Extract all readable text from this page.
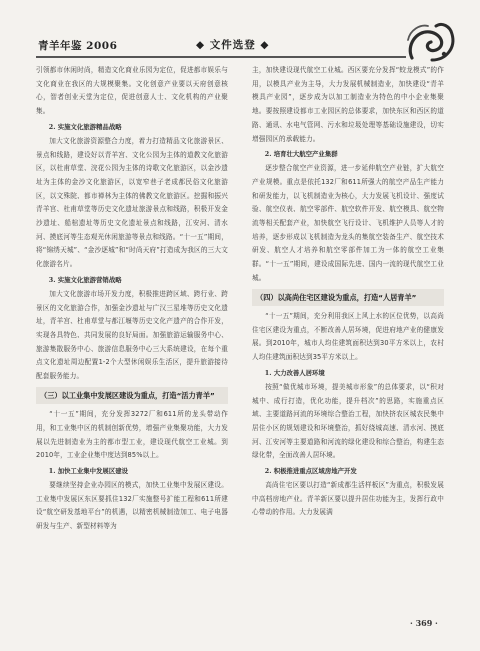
青羊年鉴 2006	◆ 文件选登 ◆
引领都市休闲时尚，精造文化商业乐园为定位，促进都市娱乐与文化商业在我区的大规模聚集。文化创意产业要以天府创意核心，智者创业天堂为定位，促进创意人士、文化机构的产业聚集。
2. 实施文化旅游精品战略
加大文化旅游资源整合力度，着力打造精品文化旅游景区、景点和线路，建设好以青羊宫、文化公园为主体的道教文化旅游区，以杜甫草堂、浣花公园为主体的诗歌文化旅游区，以金沙遗址为主体的金沙文化旅游区，以宽窄巷子老成都民俗文化旅游区，以文殊院、都市禅林为主体的佛教文化旅游区。挖掘和振兴青羊宫、杜甫草堂等历史文化遗址旅游景点和线路，积极开发金沙遗址、船棺遗址等历史文化遗址景点和线路，江安河、清水河、摸底河等生态观光休闲旅游等景点和线路。“十一五”期间，将“锦绣天城”、“金沙逐城”和“时尚天府”打造成为我区的三大文化旅游名片。
3. 实施文化旅游营销战略
加大文化旅游市场开发力度，积极推进跨区域、跨行业、跨景区的文化旅游合作，加强金沙遗址与广汉三星堆等历史文化遗址，青羊宫、杜甫草堂与都江堰等历史文化产遗产的合作开发，实现各具特色、共同发展的良好局面。加强旅游运输服务中心、旅游集散服务中心、旅游信息服务中心三大系统建设，在每个重点文化遗址周边配置1-2个大型休闲娱乐生活区，提升旅游接待配套服务能力。
（三）以工业集中发展区建设为重点，打造“活力青羊”
“十一五”期间，充分发挥3272厂和611所的龙头带动作用，和工业集中区的机制创新优势，增强产业集聚功能，大力发展以先进制造业为主的都市型工业，建设现代航空工业城。到2010年，工业企业集中度达到85%以上。
1. 加快工业集中发展区建设
要继续坚持企业办园区的模式，加快工业集中发展区建设。工业集中发展区东区要抓住132厂实施整号扩能工程和611所建设“航空研发基地平台”的机遇，以精密机械制造加工、电子电器研发与生产、新型材料等为
主，加快建设现代航空工业城。西区要充分发挥“蛟龙模式”的作用，以模具产业为主导，大力发展机械制造业，加快建设“青羊模具产业园”，逐步成为以加工制造业为特色的中小企业集聚地。要按照建设都市工业园区的总体要求，加快东区和西区的道路、通讯、水电气管网、污水和垃圾处理等基础设施建设，切实增强园区的承载能力。
2. 培育壮大航空产业集群
逐步整合航空产业资源，进一步延伸航空产业链，扩大航空产业规模。重点是依托132厂和611所强大的航空产品生产能力和研发能力，以飞机制造业为核心，大力发展飞机设计、强度试验、航空仪表、航空零部件、航空软件开发、航空模具、航空物流等相关配套产业，加快航空飞行设计、飞机维护人员等人才的培养，逐步形成以飞机制造为龙头的集航空装备生产、航空技术研发、航空人才培养和航空零部件加工为一体的航空工业集群。“十一五”期间，建设成国际先进、国内一流的现代航空工业城。
（四）以高尚住宅区建设为重点，打造“人居青羊”
“十一五”期间，充分利用我区上风上水的区位优势，以高尚住宅区建设为重点，不断改善人居环境，促进府地产业的健康发展。到2010年，城市人均住建筑面积达到30平方米以上，农村人均住建筑面积达到35平方米以上。
1. 大力改善人居环境
按照“做优城市环境，提美城市形象”的总体要求，以“积对城中、成行打造，优化功能，提升档次”的思路，实施重点区域、主要道路河流的环境综合整治工程，加快挤农区城农民集中居住小区的规划建设和环境整治，抓好绕城高速、清水河、摸底河、江安河等主要道路和河流的绿化建设和综合整治，构建生态绿化带，全面改善人居环境。
2. 积极推进重点区域房地产开发
高尚住宅区要以打造“新成都生活样板区”为重点，积极发展中高档房地产业。青羊新区要以提升居住功能为主，发挥行政中心带动的作用。大力发展满
· 369 ·
